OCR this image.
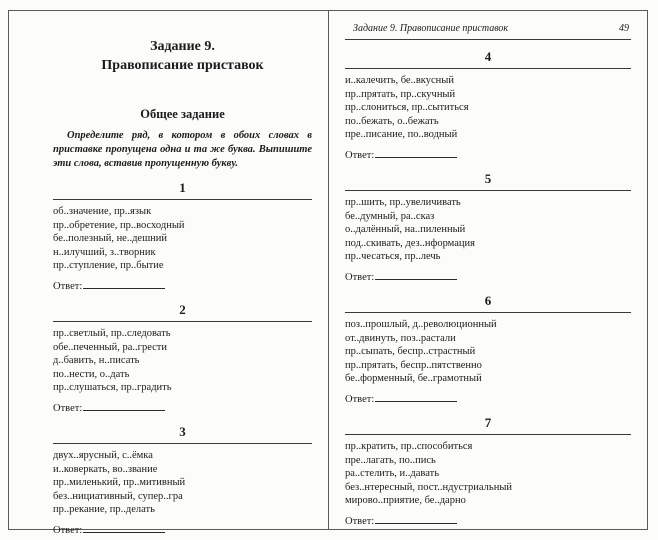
Задание 9.
Правописание приставок
Общее задание
Определите ряд, в котором в обоих словах в приставке пропущена одна и та же буква. Выпишите эти слова, вставив пропущенную букву.
1
об..значение, пр..язык
пр..обретение, пр..восходный
бе..полезный, не..дешний
н..илучший, з..творник
пр..ступление, пр..бытие
Ответ:
2
пр..светлый, пр..следовать
обе..печенный, ра..грести
д..бавить, н..писать
по..нести, о..дать
пр..слушаться, пр..градить
Ответ:
3
двух..ярусный, с..ёмка
и..коверкать, во..звание
пр..миленький, пр..митивный
без..нициативный, супер..гра
пр..рекание, пр..делать
Ответ:
Задание 9. Правописание приставок	49
4
и..калечить, бе..вкусный
пр..прятать, пр..скучный
пр..слониться, пр..сытиться
по..бежать, о..бежать
пре..писание, по..водный
Ответ:
5
пр..шить, пр..увеличивать
бе..думный, ра..сказ
о..далённый, на..пиленный
под..скивать, дез..нформация
пр..чесаться, пр..лечь
Ответ:
6
поз..прошлый, д..революционный
от..двинуть, поз..растали
пр..сыпать, беспр..страстный
пр..прятать, беспр..пятственно
бе..форменный, бе..грамотный
Ответ:
7
пр..кратить, пр..способиться
пре..лагать, по..пись
ра..стелить, и..давать
без..нтересный, пост..ндустриальный
мирово..приятие, бе..дарно
Ответ:
